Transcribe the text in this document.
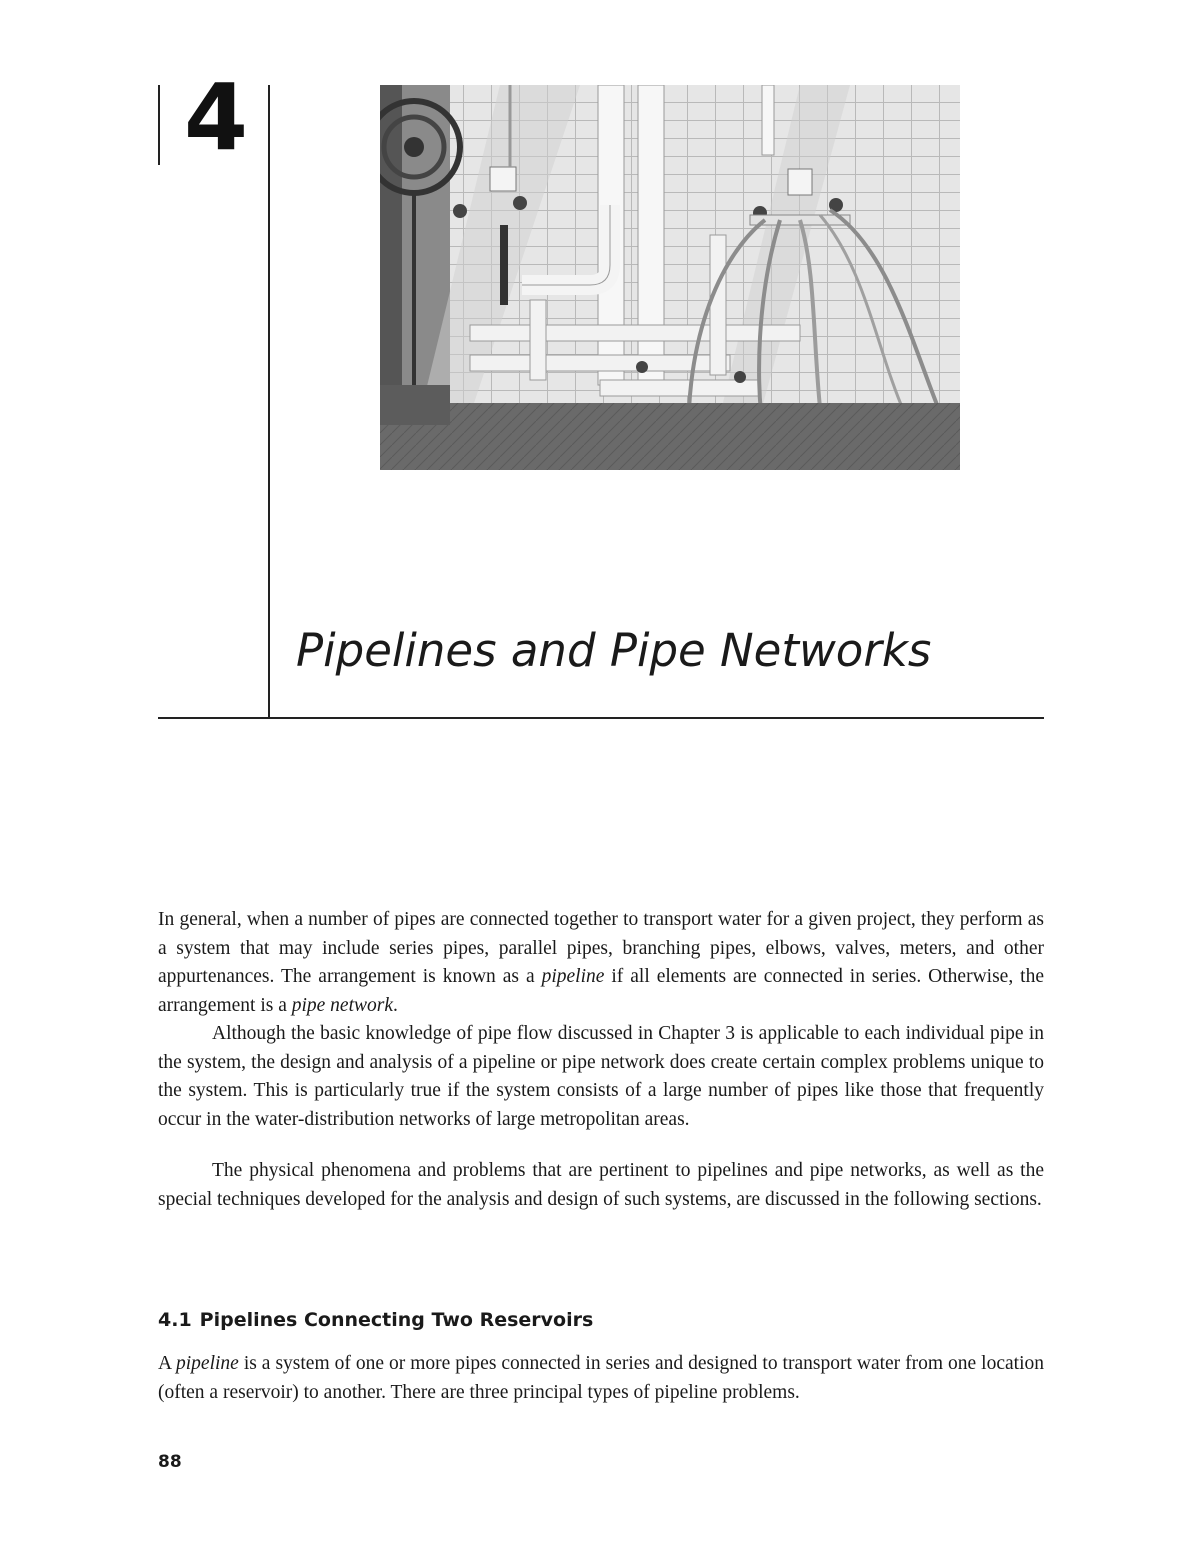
4
Pipelines and Pipe Networks

In general, when a number of pipes are connected together to transport water for a given project, they perform as a system that may include series pipes, parallel pipes, branching pipes, elbows, valves, meters, and other appurtenances. The arrangement is known as a pipeline if all elements are connected in series. Otherwise, the arrangement is a pipe network.

Although the basic knowledge of pipe flow discussed in Chapter 3 is applicable to each individual pipe in the system, the design and analysis of a pipeline or pipe network does create certain complex problems unique to the system. This is particularly true if the system consists of a large number of pipes like those that frequently occur in the water-distribution networks of large metropolitan areas.

The physical phenomena and problems that are pertinent to pipelines and pipe networks, as well as the special techniques developed for the analysis and design of such systems, are discussed in the following sections.

4.1 Pipelines Connecting Two Reservoirs

A pipeline is a system of one or more pipes connected in series and designed to transport water from one location (often a reservoir) to another. There are three principal types of pipeline problems.

88
